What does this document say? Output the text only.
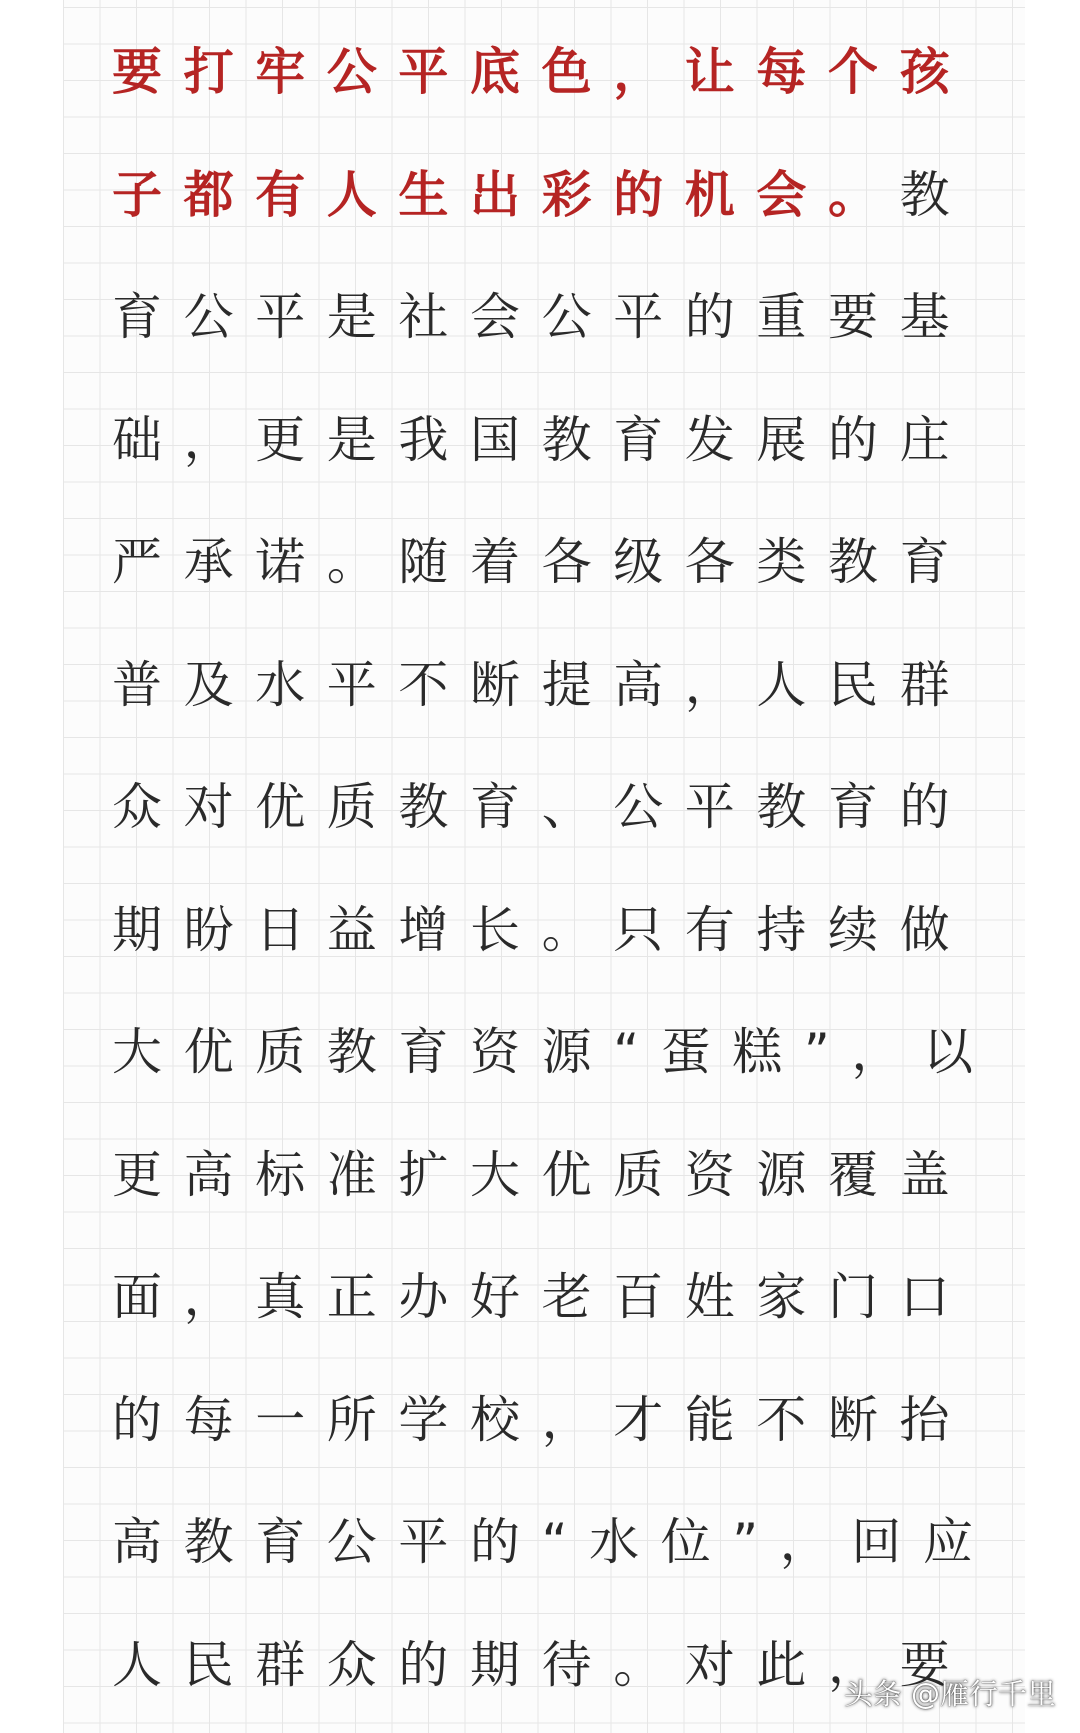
要打牢公平底色，让每个孩
子都有人生出彩的机会。教
育公平是社会公平的重要基
础，更是我国教育发展的庄
严承诺。随着各级各类教育
普及水平不断提高，人民群
众对优质教育、公平教育的
期盼日益增长。只有持续做
大优质教育资源“蛋糕”，以
更高标准扩大优质资源覆盖
面，真正办好老百姓家门口
的每一所学校，才能不断抬
高教育公平的“水位”，回应
人民群众的期待。对此，要
头条 @雁行千里
